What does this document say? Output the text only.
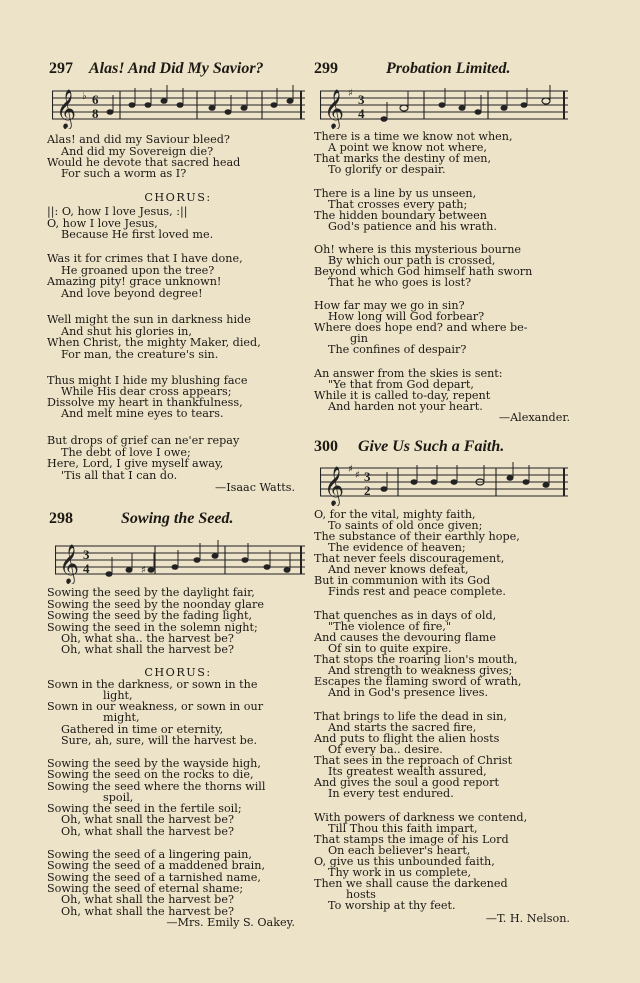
297 Alas! And Did My Savior?
𝄞 ♭ 6
8
Alas! and did my Saviour bleed?
And did my Sovereign die?
Would he devote that sacred head
For such a worm as I?
CHORUS:
||: O, how I love Jesus, :||
O, how I love Jesus,
Because He first loved me.
Was it for crimes that I have done,
He groaned upon the tree?
Amazing pity! grace unknown!
And love beyond degree!
Well might the sun in darkness hide
And shut his glories in,
When Christ, the mighty Maker, died,
For man, the creature's sin.
Thus might I hide my blushing face
While His dear cross appears;
Dissolve my heart in thankfulness,
And melt mine eyes to tears.
But drops of grief can ne'er repay
The debt of love I owe;
Here, Lord, I give myself away,
'Tis all that I can do.
—Isaac Watts.
298	Sowing the Seed.
𝄞 3
4	♯
Sowing the seed by the daylight fair,
Sowing the seed by the noonday glare
Sowing the seed by the fading light,
Sowing the seed in the solemn night;
Oh, what sha.. the harvest be?
Oh, what shall the harvest be?
CHORUS:
Sown in the darkness, or sown in the
light,
Sown in our weakness, or sown in our
might,
Gathered in time or eternity,
Sure, ah, sure, will the harvest be.
Sowing the seed by the wayside high,
Sowing the seed on the rocks to die,
Sowing the seed where the thorns will
spoil,
Sowing the seed in the fertile soil;
Oh, what snall the harvest be?
Oh, what shall the harvest be?
Sowing the seed of a lingering pain,
Sowing the seed of a maddened brain,
Sowing the seed of a tarnished name,
Sowing the seed of eternal shame;
Oh, what shall the harvest be?
Oh, what shall the harvest be?
—Mrs. Emily S. Oakey.
299	Probation Limited.
𝄞 ♯ 3
4
There is a time we know not when,
A point we know not where,
That marks the destiny of men,
To glorify or despair.
There is a line by us unseen,
That crosses every path;
The hidden boundary between
God's patience and his wrath.
Oh! where is this mysterious bourne
By which our path is crossed,
Beyond which God himself hath sworn
That he who goes is lost?
How far may we go in sin?
How long will God forbear?
Where does hope end? and where be-
gin
The confines of despair?
An answer from the skies is sent:
"Ye that from God depart,
While it is called to-day, repent
And harden not your heart.
—Alexander.
300 Give Us Such a Faith.
𝄞 ♯
♯ 3
2
O, for the vital, mighty faith,
To saints of old once given;
The substance of their earthly hope,
The evidence of heaven;
That never feels discouragement,
And never knows defeat,
But in communion with its God
Finds rest and peace complete.
That quenches as in days of old,
"The violence of fire,"
And causes the devouring flame
Of sin to quite expire.
That stops the roaring lion's mouth,
And strength to weakness gives;
Escapes the flaming sword of wrath,
And in God's presence lives.
That brings to life the dead in sin,
And starts the sacred fire,
And puts to flight the alien hosts
Of every ba.. desire.
That sees in the reproach of Christ
Its greatest wealth assured,
And gives the soul a good report
In every test endured.
With powers of darkness we contend,
Till Thou this faith impart,
That stamps the image of his Lord
On each believer's heart,
O, give us this unbounded faith,
Thy work in us complete,
Then we shall cause the darkened
hosts
To worship at thy feet.
—T. H. Nelson.
